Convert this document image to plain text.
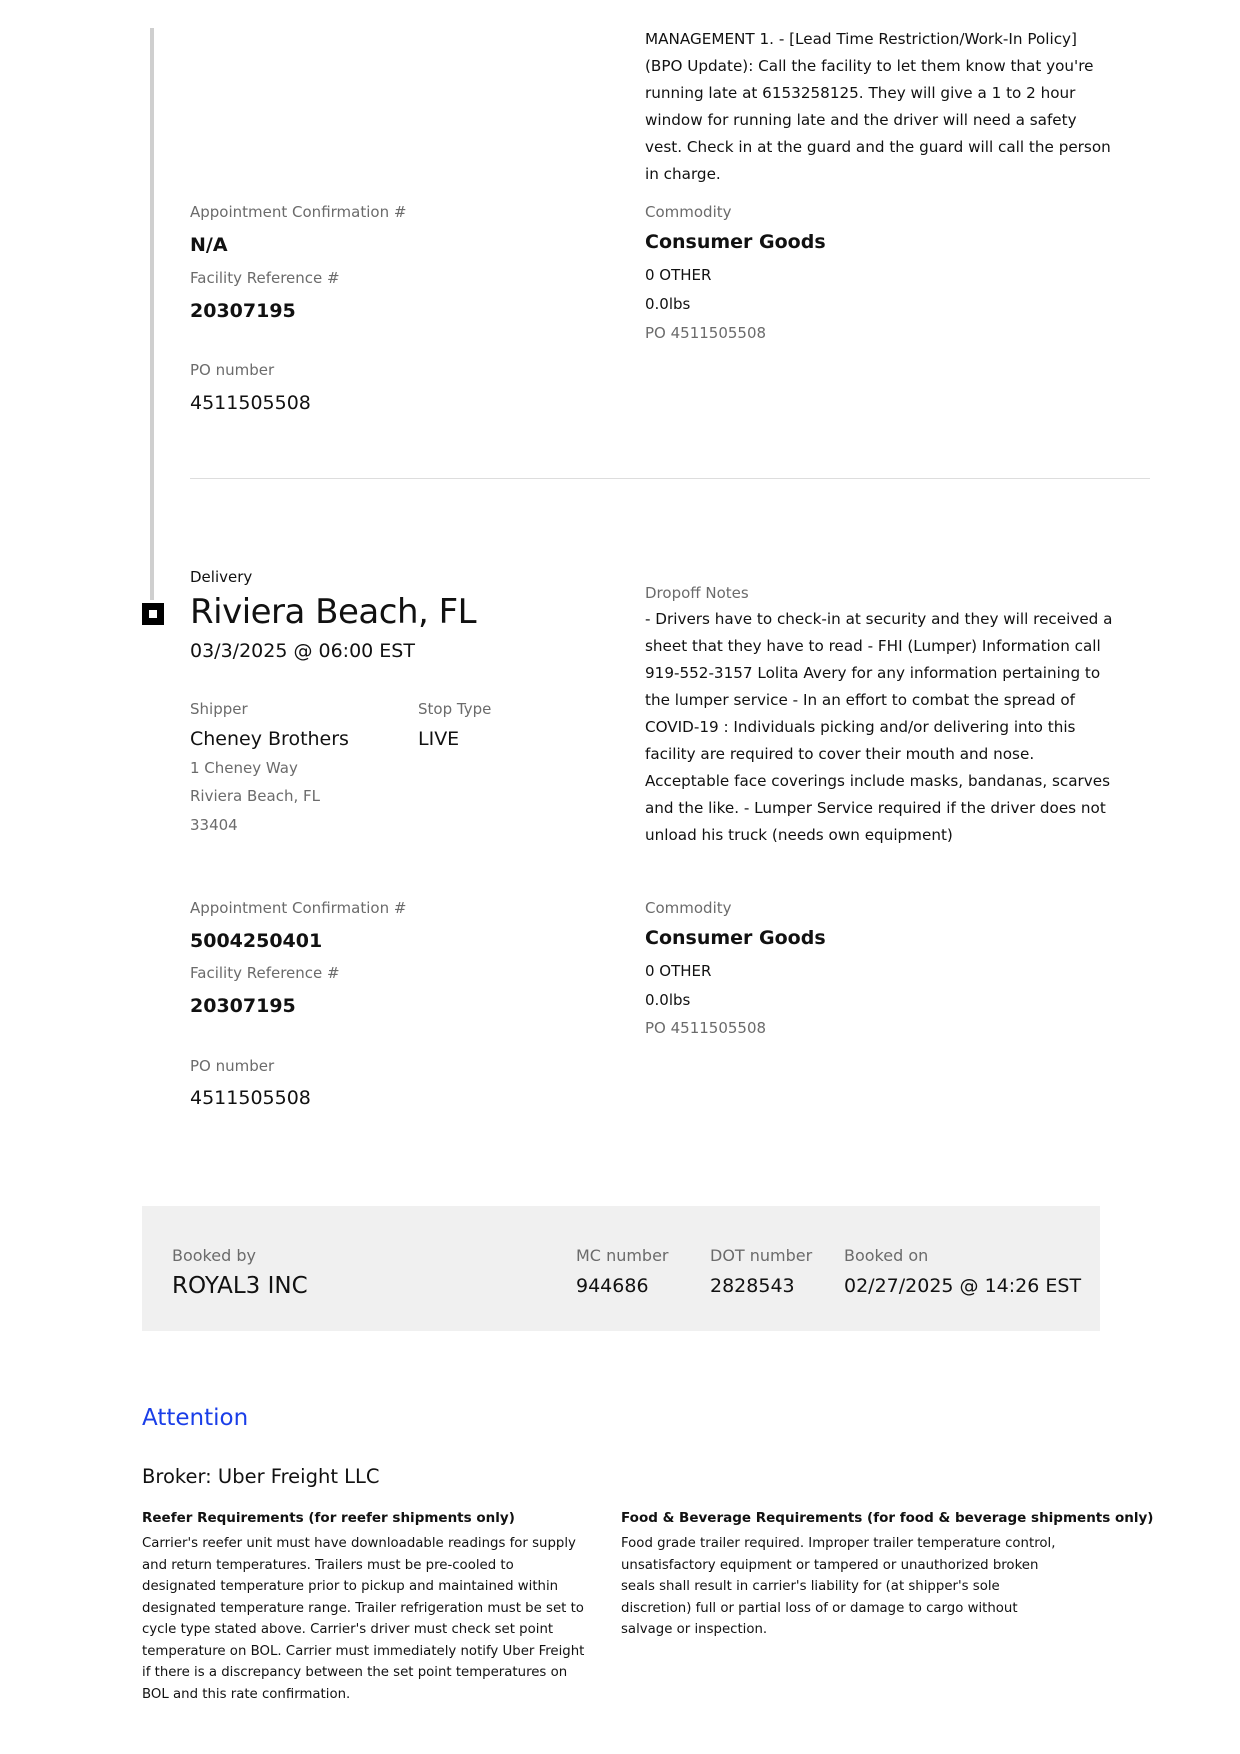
MANAGEMENT 1. - [Lead Time Restriction/Work-In Policy] (BPO Update): Call the facility to let them know that you're running late at 6153258125. They will give a 1 to 2 hour window for running late and the driver will need a safety vest. Check in at the guard and the guard will call the person in charge.
Appointment Confirmation #
N/A
Facility Reference #
20307195
PO number
4511505508
Commodity
Consumer Goods
0 OTHER
0.0lbs
PO 4511505508
Delivery
Riviera Beach, FL
03/3/2025 @ 06:00 EST
Shipper
Cheney Brothers
1 Cheney Way
Riviera Beach, FL
33404
Stop Type
LIVE
Dropoff Notes
- Drivers have to check-in at security and they will received a sheet that they have to read - FHI (Lumper) Information call 919-552-3157 Lolita Avery for any information pertaining to the lumper service - In an effort to combat the spread of COVID-19 : Individuals picking and/or delivering into this facility are required to cover their mouth and nose. Acceptable face coverings include masks, bandanas, scarves and the like. - Lumper Service required if the driver does not unload his truck (needs own equipment)
Appointment Confirmation #
5004250401
Facility Reference #
20307195
PO number
4511505508
Commodity
Consumer Goods
0 OTHER
0.0lbs
PO 4511505508
Booked by
ROYAL3 INC
MC number
944686
DOT number
2828543
Booked on
02/27/2025 @ 14:26 EST
Attention
Broker: Uber Freight LLC
Reefer Requirements (for reefer shipments only)
Carrier's reefer unit must have downloadable readings for supply and return temperatures. Trailers must be pre-cooled to designated temperature prior to pickup and maintained within designated temperature range. Trailer refrigeration must be set to cycle type stated above. Carrier's driver must check set point temperature on BOL. Carrier must immediately notify Uber Freight if there is a discrepancy between the set point temperatures on BOL and this rate confirmation.
Food & Beverage Requirements (for food & beverage shipments only)
Food grade trailer required. Improper trailer temperature control, unsatisfactory equipment or tampered or unauthorized broken seals shall result in carrier's liability for (at shipper's sole discretion) full or partial loss of or damage to cargo without salvage or inspection.
